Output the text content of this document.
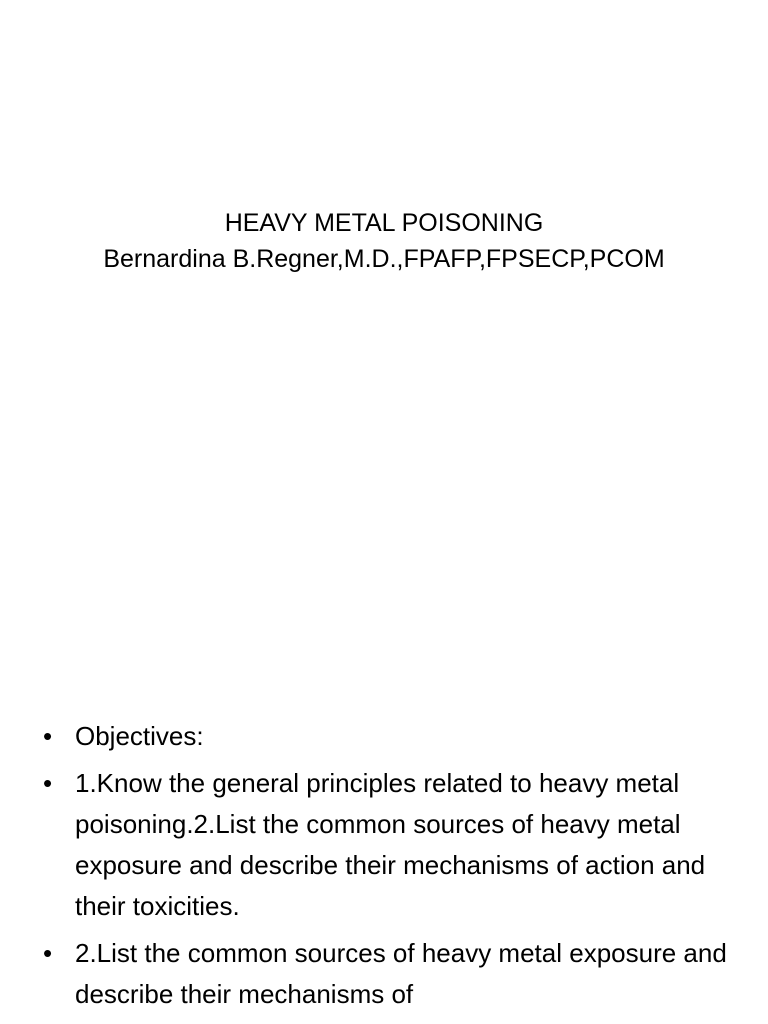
HEAVY METAL POISONING
Bernardina B.Regner,M.D.,FPAFP,FPSECP,PCOM
• Objectives:
• 1.Know the general principles related to heavy metal poisoning.2.List the common sources of heavy metal exposure and describe their mechanisms of action and their toxicities.
• 2.List the common sources of heavy metal exposure and describe their mechanisms of
